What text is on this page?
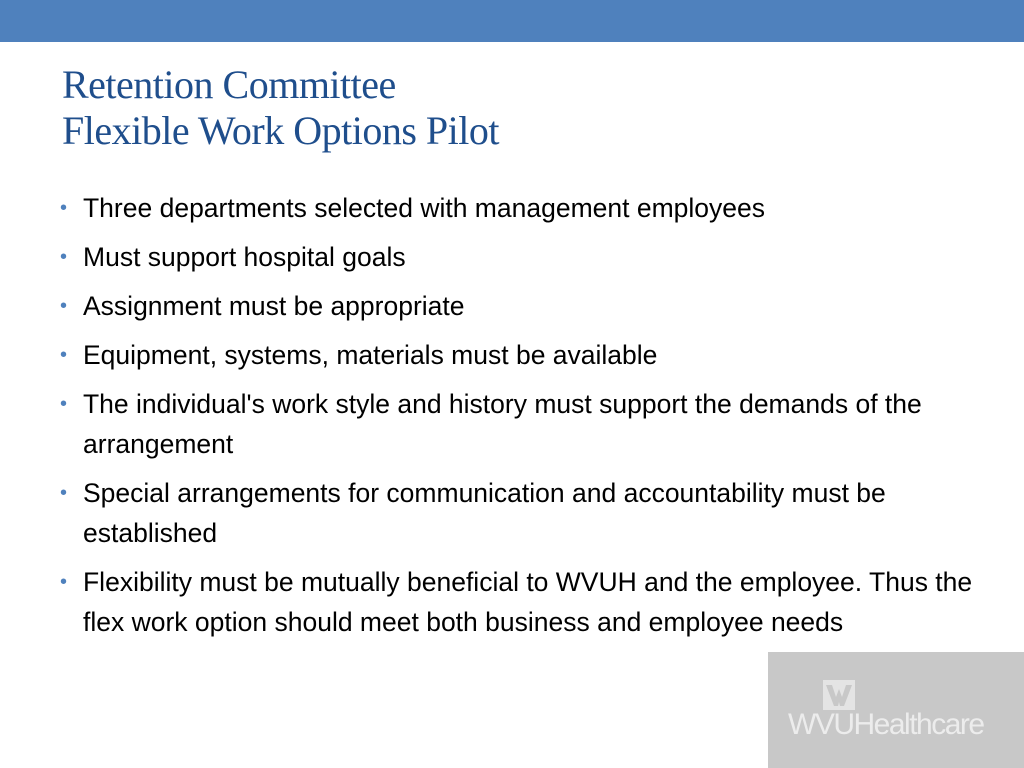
Retention Committee
Flexible Work Options Pilot
• Three departments selected with management employees
• Must support hospital goals
• Assignment must be appropriate
• Equipment, systems, materials must be available
• The individual's work style and history must support the demands of the arrangement
• Special arrangements for communication and accountability must be established
• Flexibility must be mutually beneficial to WVUH and the employee. Thus the flex work option should meet both business and employee needs
WVUHealthcare
